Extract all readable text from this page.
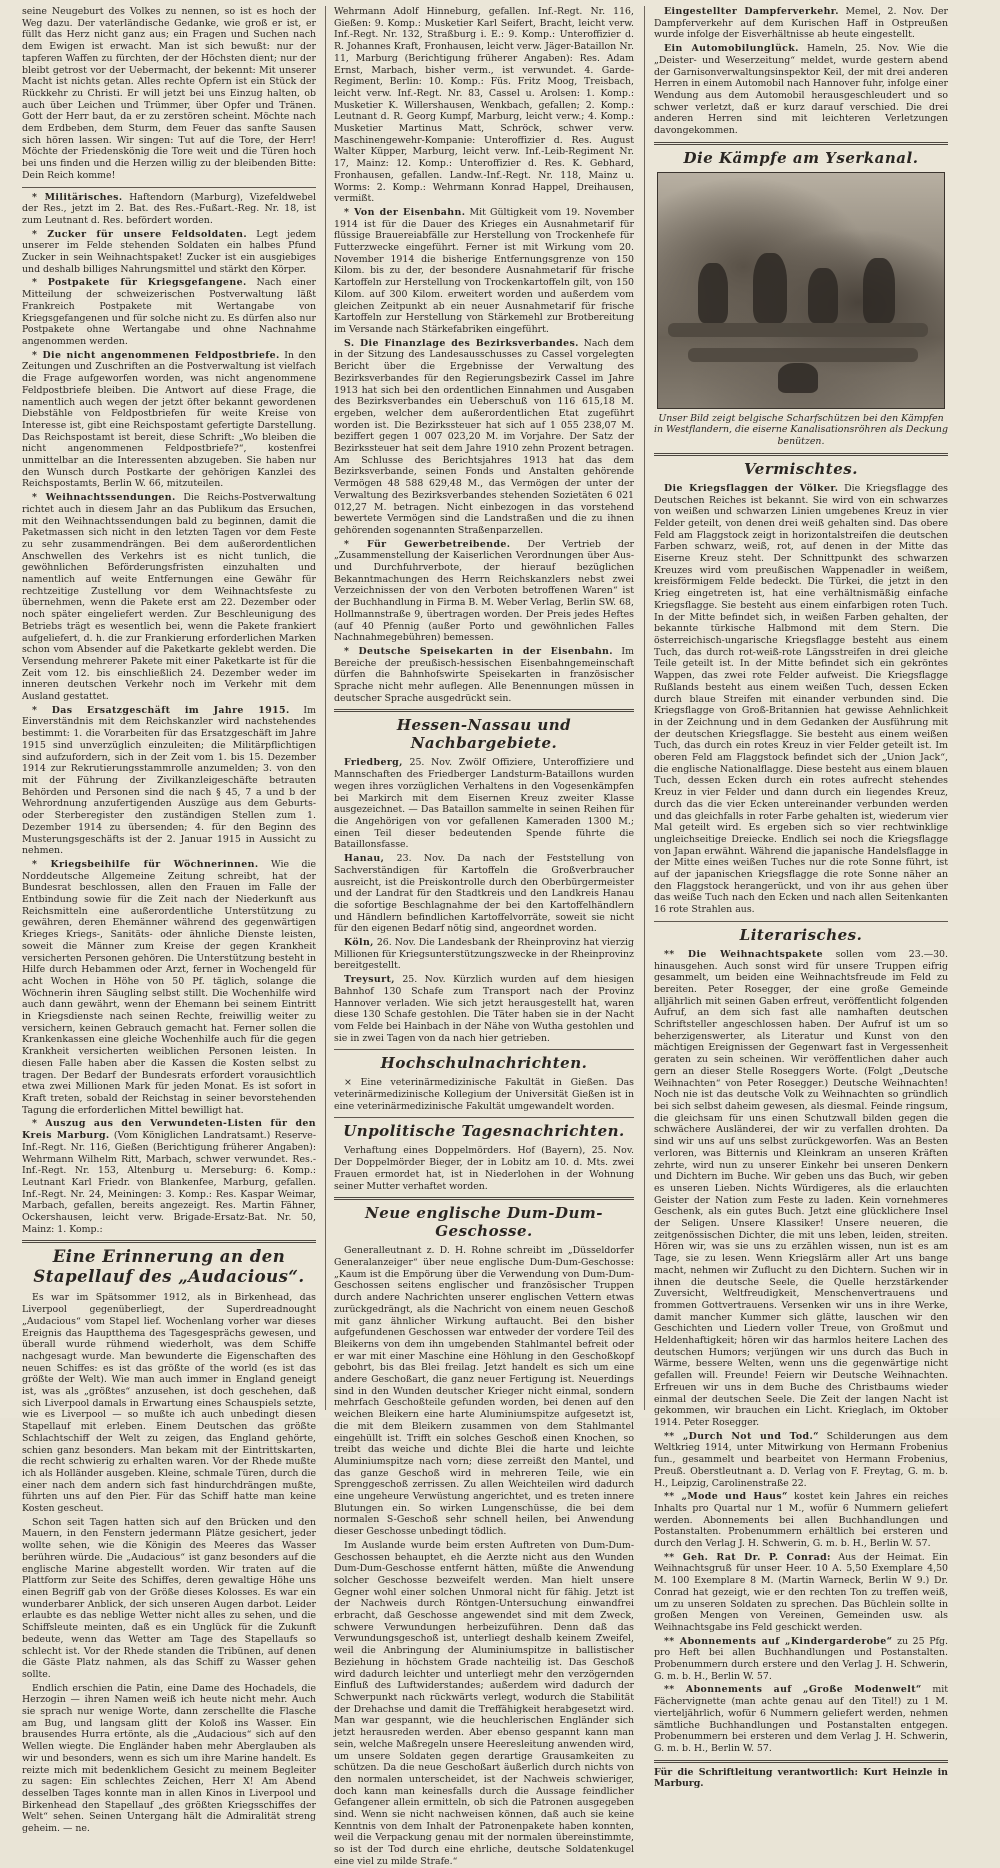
seine Neugeburt des Volkes zu nennen, so ist es hoch der Weg dazu. Der vaterländische Gedanke, wie groß er ist, er füllt das Herz nicht ganz aus; ein Fragen und Suchen nach dem Ewigen ist erwacht. Man ist sich bewußt: nur der tapferen Waffen zu fürchten, der der Höchsten dient; nur der bleibt getrost vor der Uebermacht, der bekennt: Mit unserer Macht ist nichts getan. Alles rechte Opfern ist ein Stück der Rückkehr zu Christi. Er will jetzt bei uns Einzug halten, ob auch über Leichen und Trümmer, über Opfer und Tränen. Gott der Herr baut, da er zu zerstören scheint. Möchte nach dem Erdbeben, dem Sturm, dem Feuer das sanfte Sausen sich hören lassen. Wir singen: Tut auf die Tore, der Herr! Möchte der Friedenskönig die Tore weit und die Türen hoch bei uns finden und die Herzen willig zu der bleibenden Bitte: Dein Reich komme!

* Militärisches. Haftendorn (Marburg), Vizefeldwebel der Res., jetzt im 2. Bat. des Res.-Fußart.-Reg. Nr. 18, ist zum Leutnant d. Res. befördert worden.

* Zucker für unsere Feldsoldaten. Legt jedem unserer im Felde stehenden Soldaten ein halbes Pfund Zucker in sein Weihnachtspaket! Zucker ist ein ausgiebiges und deshalb billiges Nahrungsmittel und stärkt den Körper.

* Postpakete für Kriegsgefangene. Nach einer Mitteilung der schweizerischen Postverwaltung läßt Frankreich Postpakete mit Wertangabe von Kriegsgefangenen und für solche nicht zu. Es dürfen also nur Postpakete ohne Wertangabe und ohne Nachnahme angenommen werden.

* Die nicht angenommenen Feldpostbriefe. In den Zeitungen und Zuschriften an die Postverwaltung ist vielfach die Frage aufgeworfen worden, was nicht angenommene Feldpostbriefe bleiben. Die Antwort auf diese Frage, die namentlich auch wegen der jetzt öfter bekannt gewordenen Diebstähle von Feldpostbriefen für weite Kreise von Interesse ist, gibt eine Reichspostamt gefertigte Darstellung. Das Reichspostamt ist bereit, diese Schrift: „Wo bleiben die nicht angenommenen Feldpostbriefe?“, kostenfrei unmittelbar an die Interessenten abzugeben. Sie haben nur den Wunsch durch Postkarte der gehörigen Kanzlei des Reichspostamts, Berlin W. 66, mitzuteilen.

* Weihnachtssendungen. Die Reichs-Postverwaltung richtet auch in diesem Jahr an das Publikum das Ersuchen, mit den Weihnachtssendungen bald zu beginnen, damit die Paketmassen sich nicht in den letzten Tagen vor dem Feste zu sehr zusammendrängen. Bei dem außerordentlichen Anschwellen des Verkehrs ist es nicht tunlich, die gewöhnlichen Beförderungsfristen einzuhalten und namentlich auf weite Entfernungen eine Gewähr für rechtzeitige Zustellung vor dem Weihnachtsfeste zu übernehmen, wenn die Pakete erst am 22. Dezember oder noch später eingeliefert werden. Zur Beschleunigung des Betriebs trägt es wesentlich bei, wenn die Pakete frankiert aufgeliefert, d. h. die zur Frankierung erforderlichen Marken schon vom Absender auf die Paketkarte geklebt werden. Die Versendung mehrerer Pakete mit einer Paketkarte ist für die Zeit vom 12. bis einschließlich 24. Dezember weder im inneren deutschen Verkehr noch im Verkehr mit dem Ausland gestattet.

* Das Ersatzgeschäft im Jahre 1915. Im Einverständnis mit dem Reichskanzler wird nachstehendes bestimmt: 1. die Vorarbeiten für das Ersatzgeschäft im Jahre 1915 sind unverzüglich einzuleiten; die Militärpflichtigen sind aufzufordern, sich in der Zeit vom 1. bis 15. Dezember 1914 zur Rekrutierungsstammrolle anzumelden; 3. von den mit der Führung der Zivilkanzleigeschäfte betrauten Behörden und Personen sind die nach § 45, 7 a und b der Wehrordnung anzufertigenden Auszüge aus dem Geburts- oder Sterberegister den zuständigen Stellen zum 1. Dezember 1914 zu übersenden; 4. für den Beginn des Musterungsgeschäfts ist der 2. Januar 1915 in Aussicht zu nehmen.

* Kriegsbeihilfe für Wöchnerinnen. Wie die Norddeutsche Allgemeine Zeitung schreibt, hat der Bundesrat beschlossen, allen den Frauen im Falle der Entbindung sowie für die Zeit nach der Niederkunft aus Reichsmitteln eine außerordentliche Unterstützung zu gewähren, deren Ehemänner während des gegenwärtigen Krieges Kriegs-, Sanitäts- oder ähnliche Dienste leisten, soweit die Männer zum Kreise der gegen Krankheit versicherten Personen gehören. Die Unterstützung besteht in Hilfe durch Hebammen oder Arzt, ferner in Wochengeld für acht Wochen in Höhe von 50 Pf. täglich, solange die Wöchnerin ihren Säugling selbst stillt. Die Wochenhilfe wird auch dann gewährt, wenn der Ehemann bei seinem Eintritt in Kriegsdienste nach seinen Rechte, freiwillig weiter zu versichern, keinen Gebrauch gemacht hat. Ferner sollen die Krankenkassen eine gleiche Wochenhilfe auch für die gegen Krankheit versicherten weiblichen Personen leisten. In diesen Falle haben aber die Kassen die Kosten selbst zu tragen. Der Bedarf der Bundesrats erfordert vorausichtlich etwa zwei Millionen Mark für jeden Monat. Es ist sofort in Kraft treten, sobald der Reichstag in seiner bevorstehenden Tagung die erforderlichen Mittel bewilligt hat.

* Auszug aus den Verwundeten-Listen für den Kreis Marburg. (Vom Königlichen Landratsamt.) Reserve-Inf.-Regt. Nr. 116, Gießen (Berichtigung früherer Angaben): Wehrmann Wilhelm Ritt, Marbach, schwer verwundet. Res.-Inf.-Regt. Nr. 153, Altenburg u. Merseburg: 6. Komp.: Leutnant Karl Friedr. von Blankenfee, Marburg, gefallen. Inf.-Regt. Nr. 24, Meiningen: 3. Komp.: Res. Kaspar Weimar, Marbach, gefallen, bereits angezeigt. Res. Martin Fähner, Ockershausen, leicht verw. Brigade-Ersatz-Bat. Nr. 50, Mainz: 1. Komp.:

Eine Erinnerung an den Stapellauf des „Audacious“.

Es war im Spätsommer 1912, als in Birkenhead, das Liverpool gegenüberliegt, der Superdreadnought „Audacious“ vom Stapel lief. Wochenlang vorher war dieses Ereignis das Hauptthema des Tagesgesprächs gewesen, und überall wurde rühmend wiederholt, was dem Schiffe nachgesagt wurde. Man bewunderte die Eigenschaften des neuen Schiffes: es ist das größte of the world (es ist das größte der Welt). Wie man auch immer in England geneigt ist, was als „größtes“ anzusehen, ist doch geschehen, daß sich Liverpool damals in Erwartung eines Schauspiels setzte, wie es Liverpool — so mußte ich auch unbedingt diesen Stapellauf mit erleben. Einem Deutschen das größte Schlachtschiff der Welt zu zeigen, das England gehörte, schien ganz besonders. Man bekam mit der Eintrittskarten, die recht schwierig zu erhalten waren. Vor der Rhede mußte ich als Holländer ausgeben. Kleine, schmale Türen, durch die einer nach dem andern sich fast hindurchdrängen mußte, führten uns auf den Pier. Für das Schiff hatte man keine Kosten gescheut.

Schon seit Tagen hatten sich auf den Brücken und den Mauern, in den Fenstern jedermann Plätze gesichert, jeder wollte sehen, wie die Königin des Meeres das Wasser berühren würde. Die „Audacious“ ist ganz besonders auf die englische Marine abgestellt worden. Wir traten auf die Plattform zur Seite des Schiffes, deren gewaltige Höhe uns einen Begriff gab von der Größe dieses Kolosses. Es war ein wunderbarer Anblick, der sich unseren Augen darbot. Leider erlaubte es das neblige Wetter nicht alles zu sehen, und die Schiffsleute meinten, daß es ein Unglück für die Zukunft bedeute, wenn das Wetter am Tage des Stapellaufs so schlecht ist. Vor der Rhede standen die Tribünen, auf denen die Gäste Platz nahmen, als das Schiff zu Wasser gehen sollte.

Endlich erschien die Patin, eine Dame des Hochadels, die Herzogin — ihren Namen weiß ich heute nicht mehr. Auch sie sprach nur wenige Worte, dann zerschellte die Flasche am Bug, und langsam glitt der Koloß ins Wasser. Ein brausendes Hurra ertönte, als die „Audacious“ sich auf den Wellen wiegte. Die Engländer haben mehr Aberglauben als wir und besonders, wenn es sich um ihre Marine handelt. Es reizte mich mit bedenklichem Gesicht zu meinem Begleiter zu sagen: Ein schlechtes Zeichen, Herr X! Am Abend desselben Tages konnte man in allen Kinos in Liverpool und Birkenhead den Stapellauf „des größten Kriegsschiffes der Welt“ sehen. Seinen Untergang hält die Admiralität streng geheim. — ne.

Wehrmann Adolf Hinneburg, gefallen. Inf.-Regt. Nr. 116, Gießen: 9. Komp.: Musketier Karl Seifert, Bracht, leicht verw. Inf.-Regt. Nr. 132, Straßburg i. E.: 9. Komp.: Unteroffizier d. R. Johannes Kraft, Fronhausen, leicht verw. Jäger-Bataillon Nr. 11, Marburg (Berichtigung früherer Angaben): Res. Adam Ernst, Marbach, bisher verm., ist verwundet. 4. Garde-Regiment, Berlin: 10. Komp.: Füs. Fritz Moog, Treisbach, leicht verw. Inf.-Regt. Nr. 83, Cassel u. Arolsen: 1. Komp.: Musketier K. Willershausen, Wenkbach, gefallen; 2. Komp.: Leutnant d. R. Georg Kumpf, Marburg, leicht verw.; 4. Komp.: Musketier Martinus Matt, Schröck, schwer verw. Maschinengewehr-Kompanie: Unteroffizier d. Res. August Walter Küpper, Marburg, leicht verw. Inf.-Leib-Regiment Nr. 17, Mainz: 12. Komp.: Unteroffizier d. Res. K. Gebhard, Fronhausen, gefallen. Landw.-Inf.-Regt. Nr. 118, Mainz u. Worms: 2. Komp.: Wehrmann Konrad Happel, Dreihausen, vermißt.

* Von der Eisenbahn. Mit Gültigkeit vom 19. November 1914 ist für die Dauer des Krieges ein Ausnahmetarif für flüssige Brauereiabfälle zur Herstellung von Trockenhefe für Futterzwecke eingeführt. Ferner ist mit Wirkung vom 20. November 1914 die bisherige Entfernungsgrenze von 150 Kilom. bis zu der, der besondere Ausnahmetarif für frische Kartoffeln zur Herstellung von Trockenkartoffeln gilt, von 150 Kilom. auf 300 Kilom. erweitert worden und außerdem vom gleichen Zeitpunkt ab ein neuer Ausnahmetarif für frische Kartoffeln zur Herstellung von Stärkemehl zur Brotbereitung im Versande nach Stärkefabriken eingeführt.

S. Die Finanzlage des Bezirksverbandes. Nach dem in der Sitzung des Landesausschusses zu Cassel vorgelegten Bericht über die Ergebnisse der Verwaltung des Bezirksverbandes für den Regierungsbezirk Cassel im Jahre 1913 hat sich bei den ordentlichen Einnahmen und Ausgaben des Bezirksverbandes ein Ueberschuß von 116 615,18 M. ergeben, welcher dem außerordentlichen Etat zugeführt worden ist. Die Bezirkssteuer hat sich auf 1 055 238,07 M. beziffert gegen 1 007 023,20 M. im Vorjahre. Der Satz der Bezirkssteuer hat seit dem Jahre 1910 zehn Prozent betragen. Am Schlusse des Berichtsjahres 1913 hat das dem Bezirksverbande, seinen Fonds und Anstalten gehörende Vermögen 48 588 629,48 M., das Vermögen der unter der Verwaltung des Bezirksverbandes stehenden Sozietäten 6 021 012,27 M. betragen. Nicht einbezogen in das vorstehend bewertete Vermögen sind die Landstraßen und die zu ihnen gehörenden sogenannten Straßenparzellen.

* Für Gewerbetreibende. Der Vertrieb der „Zusammenstellung der Kaiserlichen Verordnungen über Aus- und Durchfuhrverbote, der hierauf bezüglichen Bekanntmachungen des Herrn Reichskanzlers nebst zwei Verzeichnissen der von den Verboten betroffenen Waren“ ist der Buchhandlung in Firma B. M. Weber Verlag, Berlin SW. 68, Hollmannstraße 9, übertragen worden. Der Preis jedes Heftes (auf 40 Pfennig (außer Porto und gewöhnlichen Falles Nachnahmegebühren) bemessen.

* Deutsche Speisekarten in der Eisenbahn. Im Bereiche der preußisch-hessischen Eisenbahngemeinschaft dürfen die Bahnhofswirte Speisekarten in französischer Sprache nicht mehr auflegen. Alle Benennungen müssen in deutscher Sprache ausgedrückt sein.

Hessen-Nassau und Nachbargebiete.

Friedberg, 25. Nov. Zwölf Offiziere, Unteroffiziere und Mannschaften des Friedberger Landsturm-Bataillons wurden wegen ihres vorzüglichen Verhaltens in den Vogesenkämpfen bei Markirch mit dem Eisernen Kreuz zweiter Klasse ausgezeichnet. — Das Bataillon sammelte in seinen Reihen für die Angehörigen von vor gefallenen Kameraden 1300 M.; einen Teil dieser bedeutenden Spende führte die Bataillonsfasse.

Hanau, 23. Nov. Da nach der Feststellung von Sachverständigen für Kartoffeln die Großverbraucher ausreicht, ist die Preiskontrolle durch den Oberbürgermeister und der Landrat für den Stadtkreis und den Landkreis Hanau die sofortige Beschlagnahme der bei den Kartoffelhändlern und Händlern befindlichen Kartoffelvorräte, soweit sie nicht für den eigenen Bedarf nötig sind, angeordnet worden.

Köln, 26. Nov. Die Landesbank der Rheinprovinz hat vierzig Millionen für Kriegsunterstützungszwecke in der Rheinprovinz bereitgestellt.

Treysurt, 25. Nov. Kürzlich wurden auf dem hiesigen Bahnhof 130 Schafe zum Transport nach der Provinz Hannover verladen. Wie sich jetzt herausgestellt hat, waren diese 130 Schafe gestohlen. Die Täter haben sie in der Nacht vom Felde bei Hainbach in der Nähe von Wutha gestohlen und sie in zwei Tagen von da nach hier getrieben.

Hochschulnachrichten.

× Eine veterinärmedizinische Fakultät in Gießen. Das veterinärmedizinische Kollegium der Universität Gießen ist in eine veterinärmedizinische Fakultät umgewandelt worden.

Unpolitische Tagesnachrichten.

Verhaftung eines Doppelmörders. Hof (Bayern), 25. Nov. Der Doppelmörder Bieger, der in Lobitz am 10. d. Mts. zwei Frauen ermordet hat, ist in Niederlohen in der Wohnung seiner Mutter verhaftet worden.

Neue englische Dum-Dum-Geschosse.

Generalleutnant z. D. H. Rohne schreibt im „Düsseldorfer Generalanzeiger“ über neue englische Dum-Dum-Geschosse: „Kaum ist die Empörung über die Verwendung von Dum-Dum-Geschossen seitens englischer und französischer Truppen durch andere Nachrichten unserer englischen Vettern etwas zurückgedrängt, als die Nachricht von einem neuen Geschoß mit ganz ähnlicher Wirkung auftaucht. Bei den bisher aufgefundenen Geschossen war entweder der vordere Teil des Bleikerns von dem ihn umgebenden Stahlmantel befreit oder er war mit einer Maschine eine Höhlung in den Geschoßkopf gebohrt, bis das Blei freilag. Jetzt handelt es sich um eine andere Geschoßart, die ganz neuer Fertigung ist. Neuerdings sind in den Wunden deutscher Krieger nicht einmal, sondern mehrfach Geschoßteile gefunden worden, bei denen auf den weichen Bleikern eine harte Aluminiumspitze aufgesetzt ist, die mit dem Bleikern zusammen von dem Stahlmantel eingehüllt ist. Trifft ein solches Geschoß einen Knochen, so treibt das weiche und dichte Blei die harte und leichte Aluminiumspitze nach vorn; diese zerreißt den Mantel, und das ganze Geschoß wird in mehreren Teile, wie ein Sprenggeschoß zerrissen. Zu allen Weichteilen wird dadurch eine ungeheure Verwüstung angerichtet, und es treten innere Blutungen ein. So wirken Lungenschüsse, die bei dem normalen S-Geschoß sehr schnell heilen, bei Anwendung dieser Geschosse unbedingt tödlich.

Im Auslande wurde beim ersten Auftreten von Dum-Dum-Geschossen behauptet, eh die Aerzte nicht aus den Wunden Dum-Dum-Geschosse entfernt hätten, müßte die Anwendung solcher Geschosse bezweifelt werden. Man hielt unsere Gegner wohl einer solchen Unmoral nicht für fähig. Jetzt ist der Nachweis durch Röntgen-Untersuchung einwandfrei erbracht, daß Geschosse angewendet sind mit dem Zweck, schwere Verwundungen herbeizuführen. Denn daß das Verwundungsgeschoß ist, unterliegt deshalb keinem Zweifel, weil die Anbringung der Aluminiumspitze in ballistischer Beziehung in höchstem Grade nachteilig ist. Das Geschoß wird dadurch leichter und unterliegt mehr den verzögernden Einfluß des Luftwiderstandes; außerdem wird dadurch der Schwerpunkt nach rückwärts verlegt, wodurch die Stabilität der Drehachse und damit die Treffähigkeit herabgesetzt wird. Man war gespannt, wie die heuchlerischen Engländer sich jetzt herausreden werden. Aber ebenso gespannt kann man sein, welche Maßregeln unsere Heeresleitung anwenden wird, um unsere Soldaten gegen derartige Grausamkeiten zu schützen. Da die neue Geschoßart äußerlich durch nichts von den normalen unterscheidet, ist der Nachweis schwieriger, doch kann man keinesfalls durch die Aussage feindlicher Gefangener allein ermitteln, ob sich die Patronen ausgegeben sind. Wenn sie nicht nachweisen können, daß auch sie keine Kenntnis von dem Inhalt der Patronenpakete haben konnten, weil die Verpackung genau mit der normalen übereinstimmte, so ist der Tod durch eine ehrliche, deutsche Soldatenkugel eine viel zu milde Strafe.“

Eingestellter Dampferverkehr. Memel, 2. Nov. Der Dampferverkehr auf dem Kurischen Haff in Ostpreußen wurde infolge der Eisverhältnisse ab heute eingestellt.

Ein Automobilunglück. Hameln, 25. Nov. Wie die „Deister- und Weserzeitung“ meldet, wurde gestern abend der Garnisonverwaltungsinspektor Keil, der mit drei anderen Herren in einem Automobil nach Hannover fuhr, infolge einer Wendung aus dem Automobil herausgeschleudert und so schwer verletzt, daß er kurz darauf verschied. Die drei anderen Herren sind mit leichteren Verletzungen davongekommen.

Die Kämpfe am Yserkanal.

Unser Bild zeigt belgische Scharfschützen bei den Kämpfen in Westflandern, die eiserne Kanalisationsröhren als Deckung benützen.

Vermischtes.

Die Kriegsflaggen der Völker. Die Kriegsflagge des Deutschen Reiches ist bekannt. Sie wird von ein schwarzes von weißen und schwarzen Linien umgebenes Kreuz in vier Felder geteilt, von denen drei weiß gehalten sind. Das obere Feld am Flaggstock zeigt in horizontalstreifen die deutschen Farben schwarz, weiß, rot, auf denen in der Mitte das Eiserne Kreuz steht. Der Schnittpunkt des schwarzen Kreuzes wird vom preußischen Wappenadler in weißem, kreisförmigem Felde bedeckt. Die Türkei, die jetzt in den Krieg eingetreten ist, hat eine verhältnismäßig einfache Kriegsflagge. Sie besteht aus einem einfarbigen roten Tuch. In der Mitte befindet sich, in weißen Farben gehalten, der bekannte türkische Halbmond mit dem Stern. Die österreichisch-ungarische Kriegsflagge besteht aus einem Tuch, das durch rot-weiß-rote Längsstreifen in drei gleiche Teile geteilt ist. In der Mitte befindet sich ein gekröntes Wappen, das zwei rote Felder aufweist. Die Kriegsflagge Rußlands besteht aus einem weißen Tuch, dessen Ecken durch blaue Streifen mit einander verbunden sind. Die Kriegsflagge von Groß-Britannien hat gewisse Aehnlichkeit in der Zeichnung und in dem Gedanken der Ausführung mit der deutschen Kriegsflagge. Sie besteht aus einem weißen Tuch, das durch ein rotes Kreuz in vier Felder geteilt ist. Im oberen Feld am Flaggstock befindet sich der „Union Jack“, die englische Nationalflagge. Diese besteht aus einem blauen Tuch, dessen Ecken durch ein rotes aufrecht stehendes Kreuz in vier Felder und dann durch ein liegendes Kreuz, durch das die vier Ecken untereinander verbunden werden und das gleichfalls in roter Farbe gehalten ist, wiederum vier Mal geteilt wird. Es ergeben sich so vier rechtwinklige ungleichseitige Dreiecke. Endlich sei noch die Kriegsflagge von Japan erwähnt. Während die japanische Handelsflagge in der Mitte eines weißen Tuches nur die rote Sonne führt, ist auf der japanischen Kriegsflagge die rote Sonne näher an den Flaggstock herangerückt, und von ihr aus gehen über das weiße Tuch nach den Ecken und nach allen Seitenkanten 16 rote Strahlen aus.

Literarisches.

** Die Weihnachtspakete sollen vom 23.—30. hinausgehen. Auch sonst wird für unsere Truppen eifrig gesammelt, um beiden eine Weihnachtsfreude im Feld zu bereiten. Peter Rosegger, der eine große Gemeinde alljährlich mit seinen Gaben erfreut, veröffentlicht folgenden Aufruf, an dem sich fast alle namhaften deutschen Schriftsteller angeschlossen haben. Der Aufruf ist um so beherzigenswerter, als Literatur und Kunst von den mächtigen Ereignissen der Gegenwart fast in Vergessenheit geraten zu sein scheinen. Wir veröffentlichen daher auch gern an dieser Stelle Roseggers Worte. (Folgt „Deutsche Weihnachten“ von Peter Rosegger.) Deutsche Weihnachten! Noch nie ist das deutsche Volk zu Weihnachten so gründlich bei sich selbst daheim gewesen, als diesmal. Feinde ringsum, die gleichsam für uns einen Schutzwall bilden gegen die schwächere Ausländerei, der wir zu verfallen drohten. Da sind wir uns auf uns selbst zurückgeworfen. Was an Besten verloren, was Bitternis und Kleinkram an unseren Kräften zehrte, wird nun zu unserer Einkehr bei unseren Denkern und Dichtern im Buche. Wir geben uns das Buch, wir geben es unseren Lieben. Nichts Würdigeres, als die erlauchten Geister der Nation zum Feste zu laden. Kein vornehmeres Geschenk, als ein gutes Buch. Jetzt eine glücklichere Insel der Seligen. Unsere Klassiker! Unsere neueren, die zeitgenössischen Dichter, die mit uns leben, leiden, streiten. Hören wir, was sie uns zu erzählen wissen, nun ist es am Tage, sie zu lesen. Wenn Kriegslärm aller Art uns bange macht, nehmen wir Zuflucht zu den Dichtern. Suchen wir in ihnen die deutsche Seele, die Quelle herzstärkender Zuversicht, Weltfreudigkeit, Menschenvertrauens und frommen Gottvertrauens. Versenken wir uns in ihre Werke, damit mancher Kummer sich glätte, lauschen wir den Geschichten und Liedern voller Treue, von Großmut und Heldenhaftigkeit; hören wir das harmlos heitere Lachen des deutschen Humors; verjüngen wir uns durch das Buch in Wärme, bessere Welten, wenn uns die gegenwärtige nicht gefallen will. Freunde! Feiern wir Deutsche Weihnachten. Erfreuen wir uns in dem Buche des Christbaums wieder einmal der deutschen Seele. Die Zeit der langen Nacht ist gekommen, wir brauchen ein Licht. Krieglach, im Oktober 1914. Peter Rosegger.

** „Durch Not und Tod.“ Schilderungen aus dem Weltkrieg 1914, unter Mitwirkung von Hermann Frobenius fun., gesammelt und bearbeitet von Hermann Frobenius, Preuß. Oberstleutnant a. D. Verlag von F. Freytag, G. m. b. H., Leipzig, Carolinenstraße 22.

** „Mode und Haus“ kostet kein Jahres ein reiches Inhalts pro Quartal nur 1 M., wofür 6 Nummern geliefert werden. Abonnements bei allen Buchhandlungen und Postanstalten. Probenummern erhältlich bei ersteren und durch den Verlag J. H. Schwerin, G. m. b. H., Berlin W. 57.

** Geh. Rat Dr. P. Conrad: Aus der Heimat. Ein Weihnachtsgruß für unser Heer. 10 A. 5,50 Exemplare 4,50 M. 100 Exemplare 8 M. (Martin Warneck, Berlin W 9.) Dr. Conrad hat gezeigt, wie er den rechten Ton zu treffen weiß, um zu unseren Soldaten zu sprechen. Das Büchlein sollte in großen Mengen von Vereinen, Gemeinden usw. als Weihnachtsgabe ins Feld geschickt werden.

** Abonnements auf „Kindergarderobe“ zu 25 Pfg. pro Heft bei allen Buchhandlungen und Postanstalten. Probenummern durch erstere und den Verlag J. H. Schwerin, G. m. b. H., Berlin W. 57.

** Abonnements auf „Große Modenwelt“ mit Fächervignette (man achte genau auf den Titel!) zu 1 M. vierteljährlich, wofür 6 Nummern geliefert werden, nehmen sämtliche Buchhandlungen und Postanstalten entgegen. Probenummern bei ersteren und dem Verlag J. H. Schwerin, G. m. b. H., Berlin W. 57.

Für die Schriftleitung verantwortlich: Kurt Heinzle in Marburg.
